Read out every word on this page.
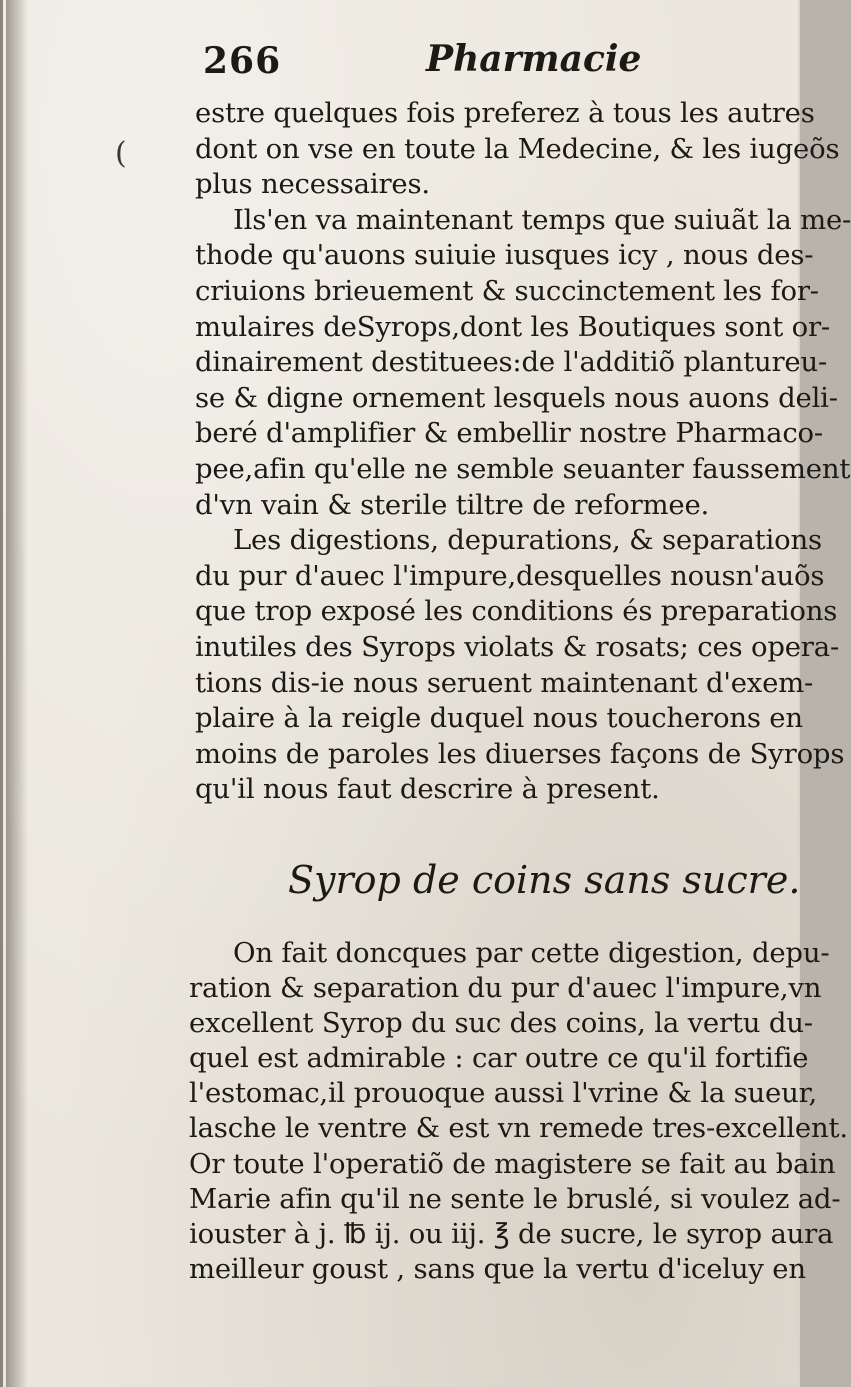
266	Pharmacie
(
estre quelques fois preferez à tous les autres
dont on vse en toute la Medecine, & les iugeõs
plus necessaires.
Ils'en va maintenant temps que suiuãt la me-
thode qu'auons suiuie iusques icy , nous des-
criuions brieuement & succinctement les for-
mulaires deSyrops,dont les Boutiques sont or-
dinairement destituees:de l'additiõ plantureu-
se & digne ornement lesquels nous auons deli-
beré d'amplifier & embellir nostre Pharmaco-
pee,afin qu'elle ne semble seuanter faussement
d'vn vain & sterile tiltre de reformee.
Les digestions, depurations, & separations
du pur d'auec l'impure,desquelles nousn'auõs
que trop exposé les conditions és preparations
inutiles des Syrops violats & rosats; ces opera-
tions dis-ie nous seruent maintenant d'exem-
plaire à la reigle duquel nous toucherons en
moins de paroles les diuerses façons de Syrops
qu'il nous faut descrire à present.
Syrop de coins sans sucre.
On fait doncques par cette digestion, depu-
ration & separation du pur d'auec l'impure,vn
excellent Syrop du suc des coins, la vertu du-
quel est admirable : car outre ce qu'il fortifie
l'estomac,il prouoque aussi l'vrine & la sueur,
lasche le ventre & est vn remede tres-excellent.
Or toute l'operatiõ de magistere se fait au bain
Marie afin qu'il ne sente le bruslé, si voulez ad-
iouster à j. ℔ ij. ou iij. ℥ de sucre, le syrop aura
meilleur goust , sans que la vertu d'iceluy en
